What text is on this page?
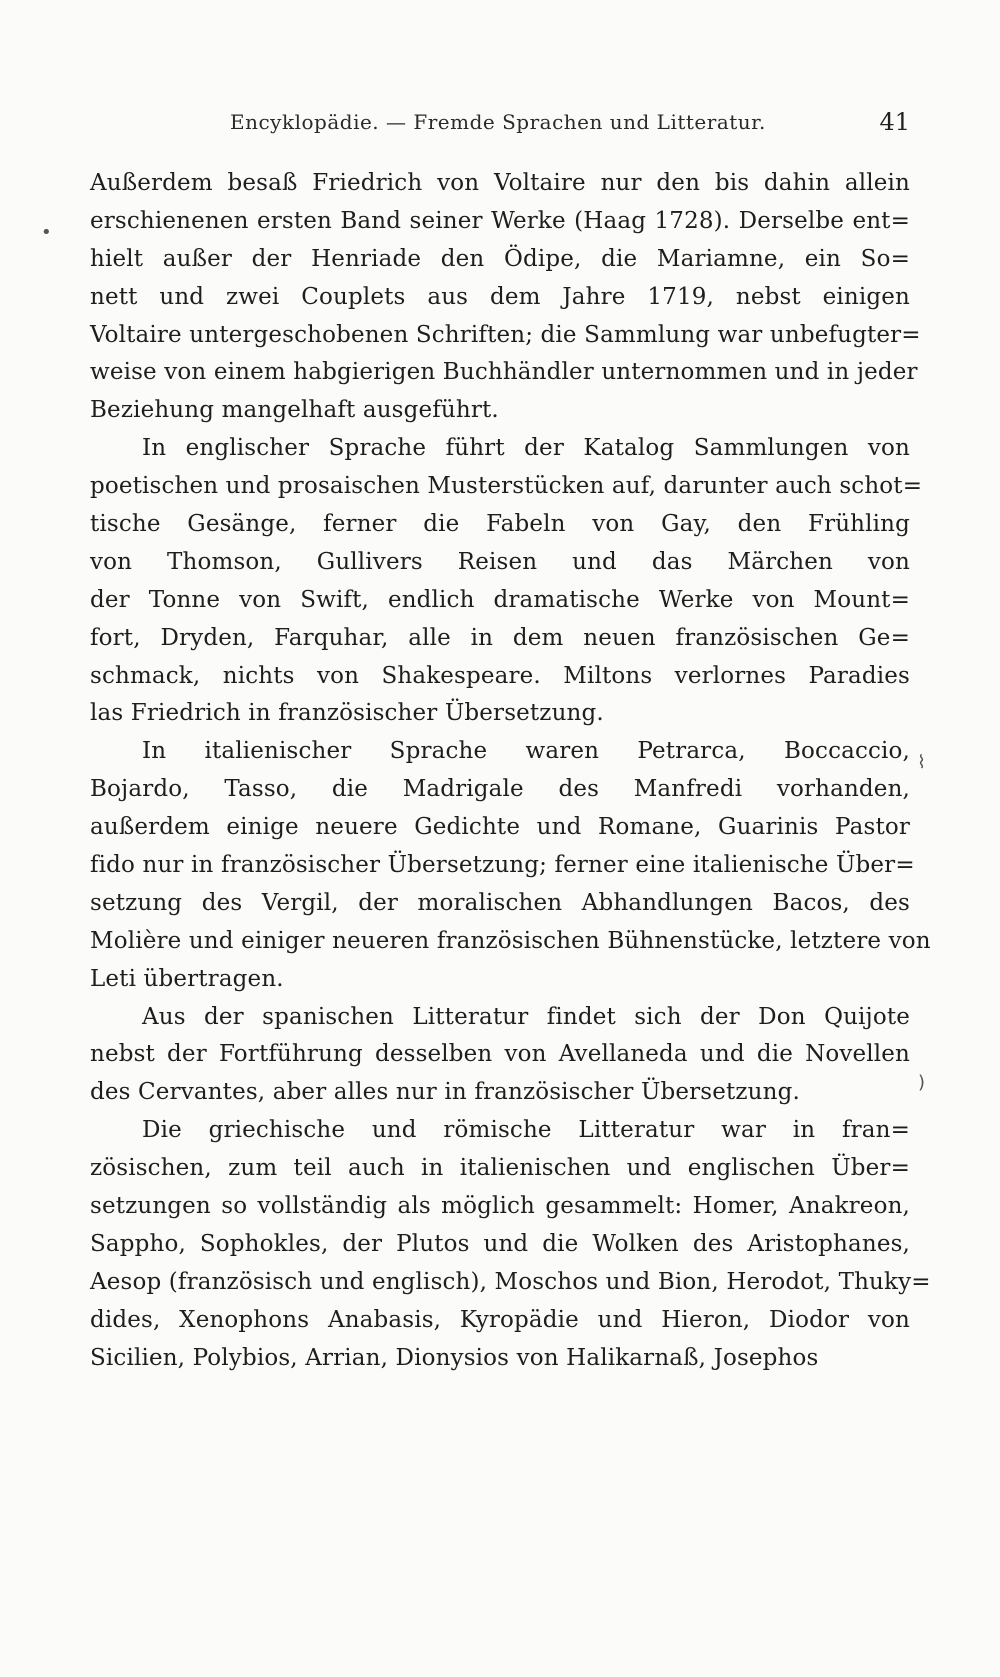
Encyklopädie. — Fremde Sprachen und Litteratur.	41
Außerdem besaß Friedrich von Voltaire nur den bis dahin allein
erschienenen ersten Band seiner Werke (Haag 1728). Derselbe ent=
hielt außer der Henriade den Ödipe, die Mariamne, ein So=
nett und zwei Couplets aus dem Jahre 1719, nebst einigen
Voltaire untergeschobenen Schriften; die Sammlung war unbefugter=
weise von einem habgierigen Buchhändler unternommen und in jeder
Beziehung mangelhaft ausgeführt.
In englischer Sprache führt der Katalog Sammlungen von
poetischen und prosaischen Musterstücken auf, darunter auch schot=
tische Gesänge, ferner die Fabeln von Gay, den Frühling
von Thomson, Gullivers Reisen und das Märchen von
der Tonne von Swift, endlich dramatische Werke von Mount=
fort, Dryden, Farquhar, alle in dem neuen französischen Ge=
schmack, nichts von Shakespeare. Miltons verlornes Paradies
las Friedrich in französischer Übersetzung.
In italienischer Sprache waren Petrarca, Boccaccio,
Bojardo, Tasso, die Madrigale des Manfredi vorhanden,
außerdem einige neuere Gedichte und Romane, Guarinis Pastor
fido nur in französischer Übersetzung; ferner eine italienische Über=
setzung des Vergil, der moralischen Abhandlungen Bacos, des
Molière und einiger neueren französischen Bühnenstücke, letztere von
Leti übertragen.
Aus der spanischen Litteratur findet sich der Don Quijote
nebst der Fortführung desselben von Avellaneda und die Novellen
des Cervantes, aber alles nur in französischer Übersetzung.
Die griechische und römische Litteratur war in fran=
zösischen, zum teil auch in italienischen und englischen Über=
setzungen so vollständig als möglich gesammelt: Homer, Anakreon,
Sappho, Sophokles, der Plutos und die Wolken des Aristophanes,
Aesop (französisch und englisch), Moschos und Bion, Herodot, Thuky=
dides, Xenophons Anabasis, Kyropädie und Hieron, Diodor von
Sicilien, Polybios, Arrian, Dionysios von Halikarnaß, Josephos
•
⌇
)
